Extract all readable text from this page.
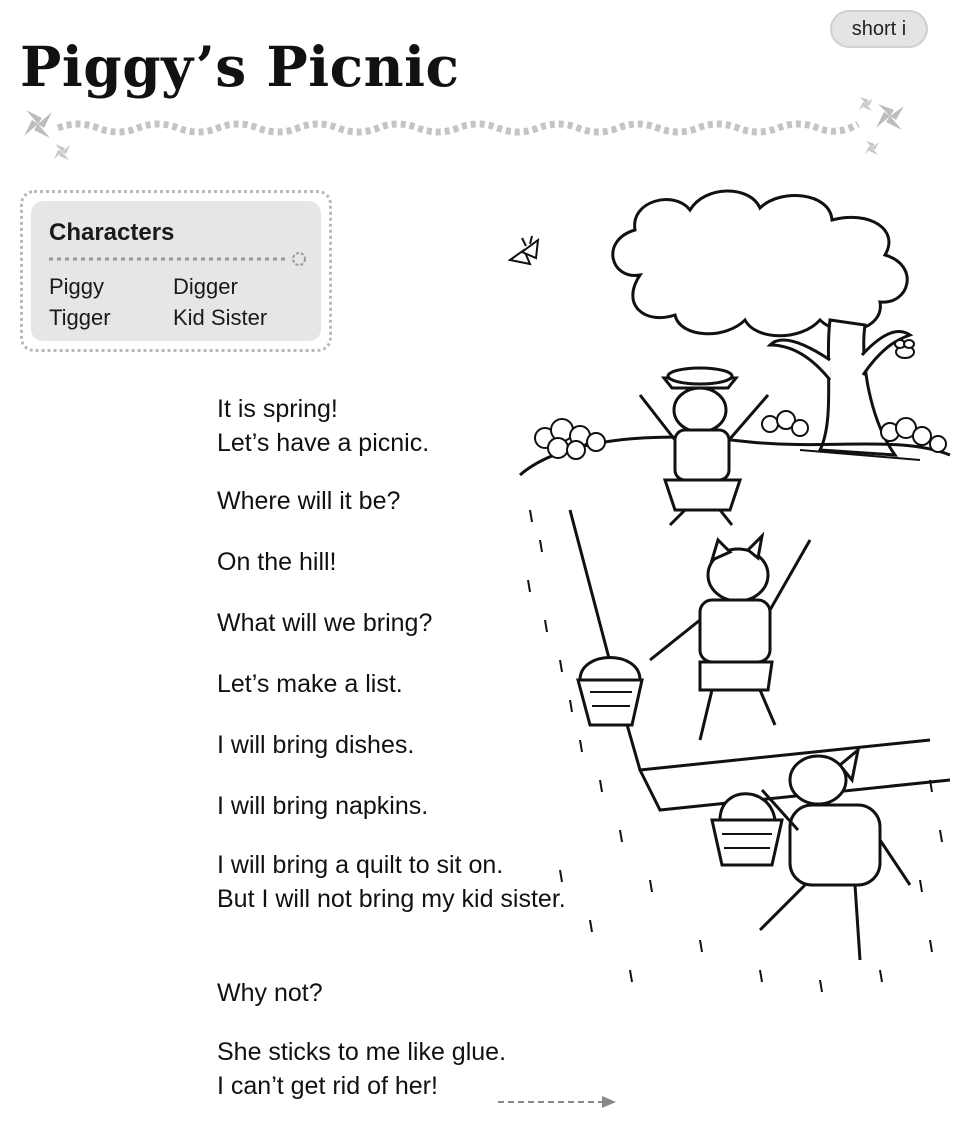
short i
Piggy’s Picnic
Characters
Piggy	Digger
Tigger	Kid Sister
It is spring!
Let’s have a picnic.
Where will it be?
On the hill!
What will we bring?
Let’s make a list.
I will bring dishes.
I will bring napkins.
I will bring a quilt to sit on.
But I will not bring my kid sister.
Why not?
She sticks to me like glue.
I can’t get rid of her!
